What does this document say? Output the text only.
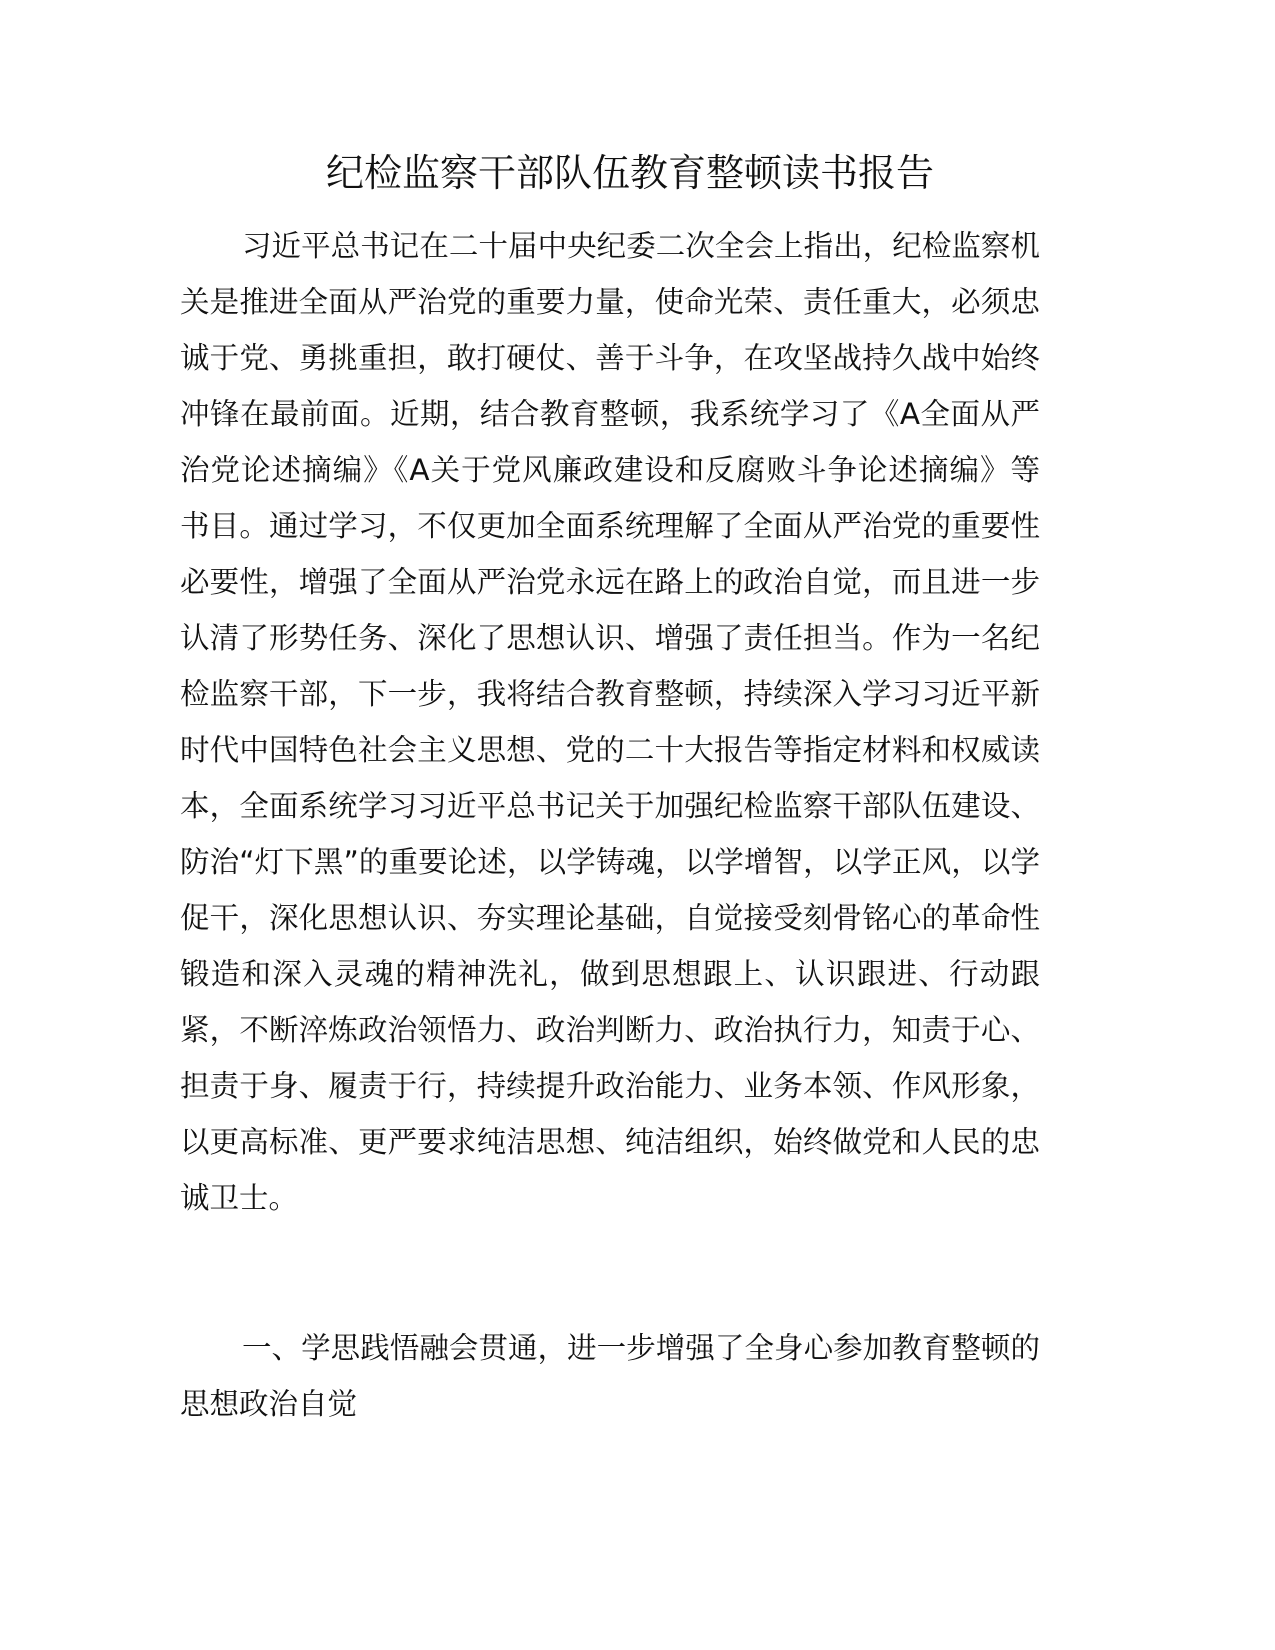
纪检监察干部队伍教育整顿读书报告

习近平总书记在二十届中央纪委二次全会上指出，纪检监察机关是推进全面从严治党的重要力量，使命光荣、责任重大，必须忠诚于党、勇挑重担，敢打硬仗、善于斗争，在攻坚战持久战中始终冲锋在最前面。近期，结合教育整顿，我系统学习了《A全面从严治党论述摘编》《A关于党风廉政建设和反腐败斗争论述摘编》等书目。通过学习，不仅更加全面系统理解了全面从严治党的重要性必要性，增强了全面从严治党永远在路上的政治自觉，而且进一步认清了形势任务、深化了思想认识、增强了责任担当。作为一名纪检监察干部，下一步，我将结合教育整顿，持续深入学习习近平新时代中国特色社会主义思想、党的二十大报告等指定材料和权威读本，全面系统学习习近平总书记关于加强纪检监察干部队伍建设、防治“灯下黑”的重要论述，以学铸魂，以学增智，以学正风，以学促干，深化思想认识、夯实理论基础，自觉接受刻骨铭心的革命性锻造和深入灵魂的精神洗礼，做到思想跟上、认识跟进、行动跟紧，不断淬炼政治领悟力、政治判断力、政治执行力，知责于心、担责于身、履责于行，持续提升政治能力、业务本领、作风形象，以更高标准、更严要求纯洁思想、纯洁组织，始终做党和人民的忠诚卫士。

一、学思践悟融会贯通，进一步增强了全身心参加教育整顿的思想政治自觉
